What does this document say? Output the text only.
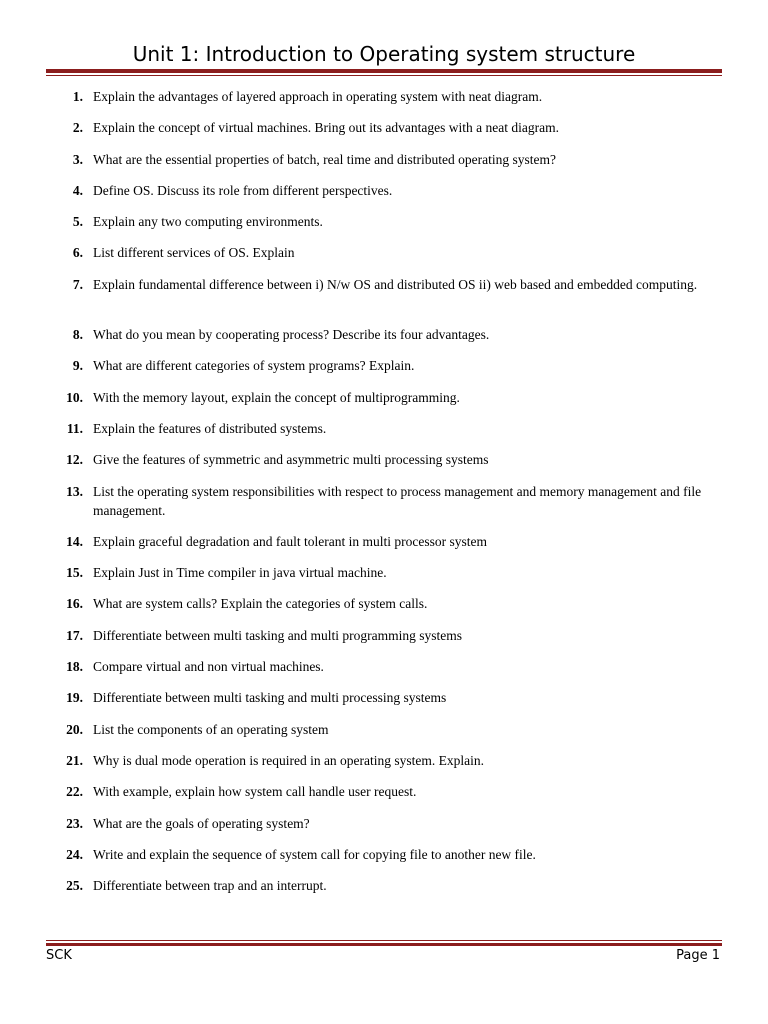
Unit 1: Introduction to Operating system structure
1. Explain the advantages of layered approach in operating system with neat diagram.
2. Explain the concept of virtual machines. Bring out its advantages with a neat diagram.
3. What are the essential properties of batch, real time and distributed operating system?
4. Define OS. Discuss its role from different perspectives.
5. Explain any two computing environments.
6. List different services of OS. Explain
7. Explain fundamental difference between i) N/w OS and distributed OS ii) web based and embedded computing.
8. What do you mean by cooperating process? Describe its four advantages.
9. What are different categories of system programs? Explain.
10. With the memory layout, explain the concept of multiprogramming.
11. Explain the features of distributed systems.
12. Give the features of symmetric and asymmetric multi processing systems
13. List the operating system responsibilities with respect to process management and memory management and file management.
14. Explain graceful degradation and fault tolerant in multi processor system
15. Explain Just in Time compiler in java virtual machine.
16. What are system calls? Explain the categories of system calls.
17. Differentiate between multi tasking and multi programming systems
18. Compare virtual and non virtual machines.
19. Differentiate between multi tasking and multi processing systems
20. List the components of an operating system
21. Why is dual mode operation is required in an operating system. Explain.
22. With example, explain how system call handle user request.
23. What are the goals of operating system?
24. Write and explain the sequence of system call for copying file to another new file.
25. Differentiate between trap and an interrupt.
SCK	Page 1
